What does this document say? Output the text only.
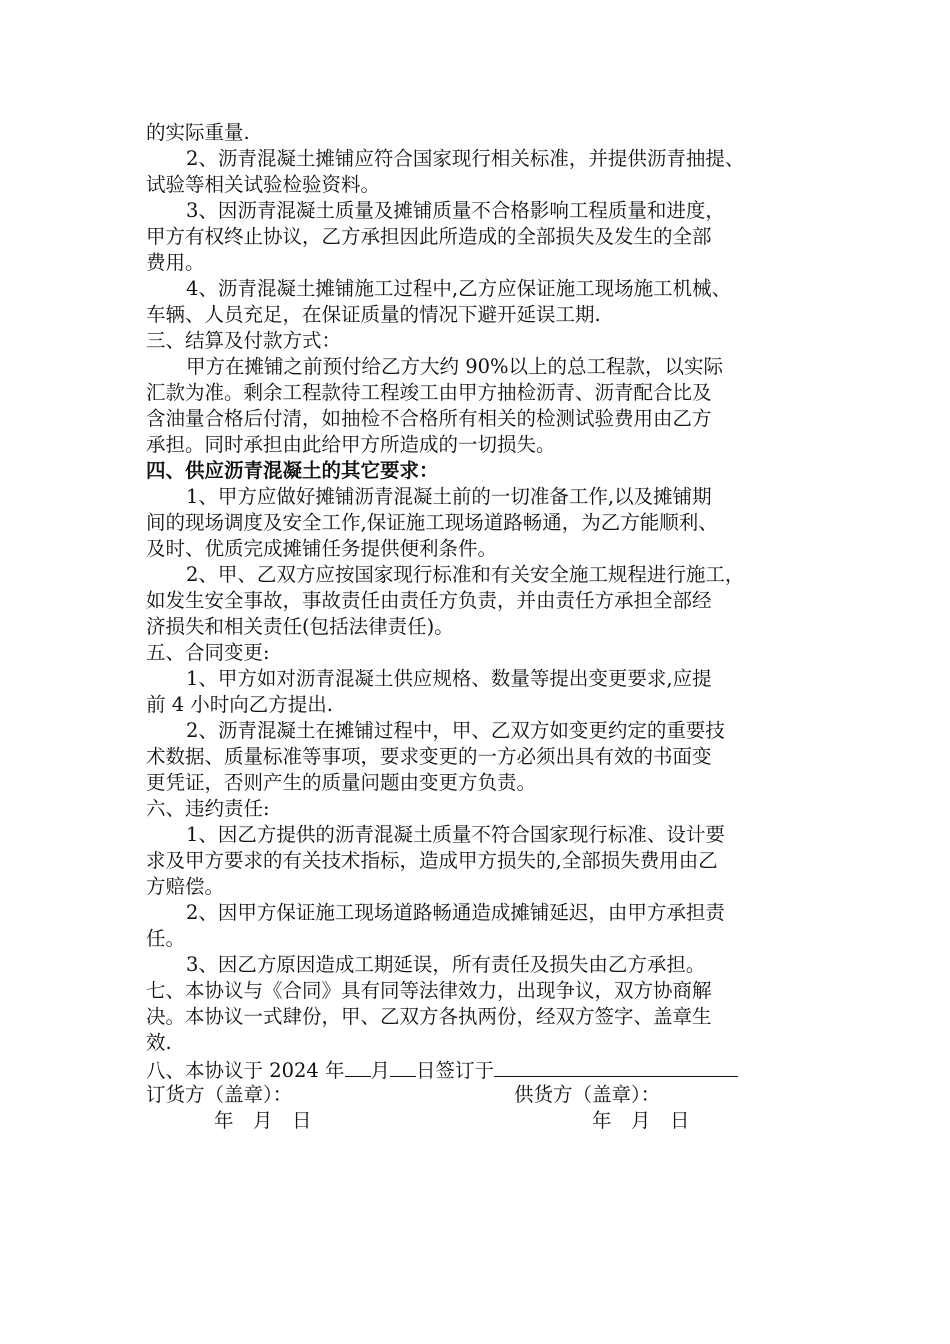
的实际重量.
2、沥青混凝土摊铺应符合国家现行相关标准，并提供沥青抽提、
试验等相关试验检验资料。
3、因沥青混凝土质量及摊铺质量不合格影响工程质量和进度，
甲方有权终止协议，乙方承担因此所造成的全部损失及发生的全部
费用。
4、沥青混凝土摊铺施工过程中,乙方应保证施工现场施工机械、
车辆、人员充足，在保证质量的情况下避开延误工期.
三、结算及付款方式：
甲方在摊铺之前预付给乙方大约 90%以上的总工程款，以实际
汇款为准。剩余工程款待工程竣工由甲方抽检沥青、沥青配合比及
含油量合格后付清，如抽检不合格所有相关的检测试验费用由乙方
承担。同时承担由此给甲方所造成的一切损失。
四、供应沥青混凝土的其它要求：
1、甲方应做好摊铺沥青混凝土前的一切准备工作,以及摊铺期
间的现场调度及安全工作,保证施工现场道路畅通，为乙方能顺利、
及时、优质完成摊铺任务提供便利条件。
2、甲、乙双方应按国家现行标准和有关安全施工规程进行施工，
如发生安全事故，事故责任由责任方负责，并由责任方承担全部经
济损失和相关责任(包括法律责任)。
五、合同变更:
1、甲方如对沥青混凝土供应规格、数量等提出变更要求,应提
前 4 小时向乙方提出.
2、沥青混凝土在摊铺过程中，甲、乙双方如变更约定的重要技
术数据、质量标准等事项，要求变更的一方必须出具有效的书面变
更凭证，否则产生的质量问题由变更方负责。
六、违约责任:
1、因乙方提供的沥青混凝土质量不符合国家现行标准、设计要
求及甲方要求的有关技术指标，造成甲方损失的,全部损失费用由乙
方赔偿。
2、因甲方保证施工现场道路畅通造成摊铺延迟，由甲方承担责
任。
3、因乙方原因造成工期延误，所有责任及损失由乙方承担。
七、本协议与《合同》具有同等法律效力，出现争议，双方协商解
决。本协议一式肆份，甲、乙双方各执两份，经双方签字、盖章生
效.
八、本协议于 2024 年 月 日签订于
订货方（盖章）：	供货方（盖章）：
年　月　日	年　月　日
